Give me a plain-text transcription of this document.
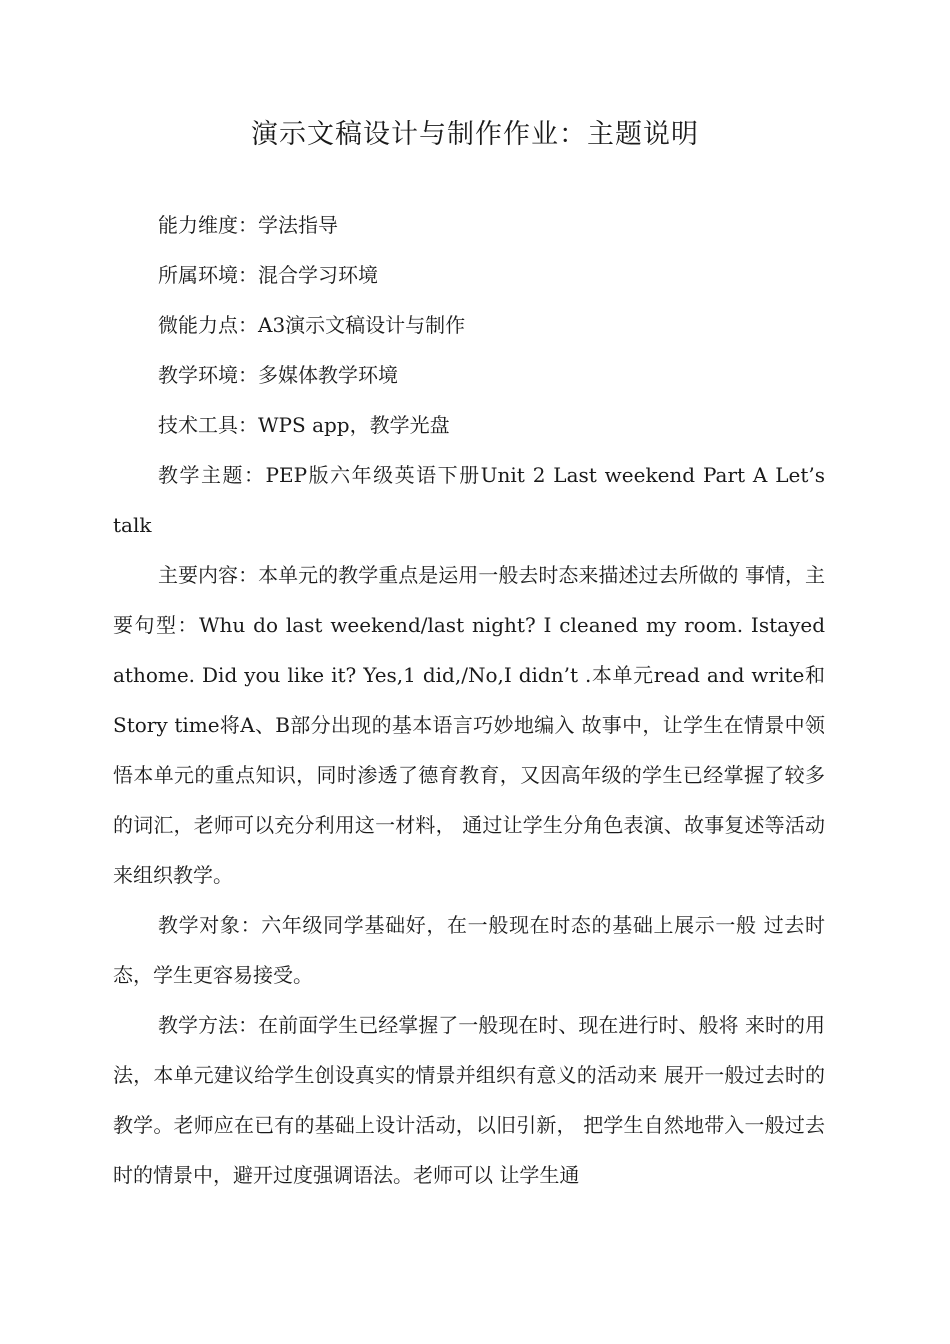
演示文稿设计与制作作业：主题说明

能力维度：学法指导

所属环境：混合学习环境

微能力点：A3演示文稿设计与制作

教学环境：多媒体教学环境

技术工具：WPS app，教学光盘

教学主题：PEP版六年级英语下册Unit 2 Last weekend Part A Let’s talk

主要内容：本单元的教学重点是运用一般去时态来描述过去所做的 事情，主要句型：Whu do last weekend/last night? I cleaned my room. Istayed athome. Did you like it? Yes,1 did,/No,I didn’t .本单元read and write和Story time将A、B部分出现的基本语言巧妙地编入 故事中，让学生在情景中领悟本单元的重点知识，同时渗透了德育教育，又因高年级的学生已经掌握了较多的词汇，老师可以充分利用这一材料， 通过让学生分角色表演、故事复述等活动来组织教学。

教学对象：六年级同学基础好，在一般现在时态的基础上展示一般 过去时态，学生更容易接受。

教学方法：在前面学生已经掌握了一般现在时、现在进行时、般将 来时的用法，本单元建议给学生创设真实的情景并组织有意义的活动来 展开一般过去时的教学。老师应在已有的基础上设计活动，以旧引新， 把学生自然地带入一般过去时的情景中，避开过度强调语法。老师可以 让学生通
